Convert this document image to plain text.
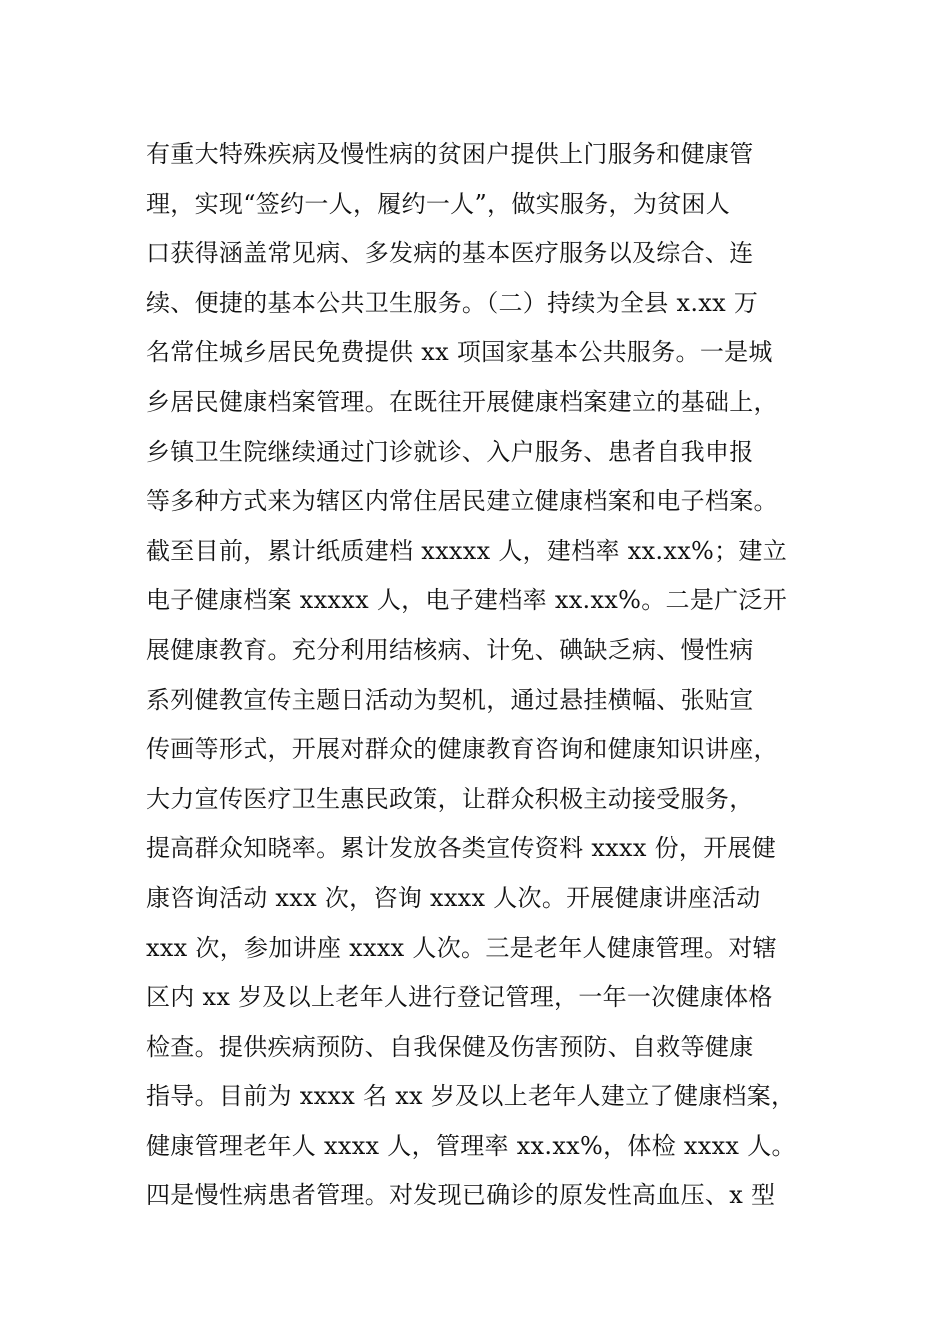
有重大特殊疾病及慢性病的贫困户提供上门服务和健康管
理，实现“签约一人，履约一人”，做实服务，为贫困人
口获得涵盖常见病、多发病的基本医疗服务以及综合、连
续、便捷的基本公共卫生服务。（二）持续为全县 x.xx 万
名常住城乡居民免费提供 xx 项国家基本公共服务。一是城
乡居民健康档案管理。在既往开展健康档案建立的基础上，
乡镇卫生院继续通过门诊就诊、入户服务、患者自我申报
等多种方式来为辖区内常住居民建立健康档案和电子档案。
截至目前，累计纸质建档 xxxxx 人，建档率 xx.xx%；建立
电子健康档案 xxxxx 人，电子建档率 xx.xx%。二是广泛开
展健康教育。充分利用结核病、计免、碘缺乏病、慢性病
系列健教宣传主题日活动为契机，通过悬挂横幅、张贴宣
传画等形式，开展对群众的健康教育咨询和健康知识讲座，
大力宣传医疗卫生惠民政策，让群众积极主动接受服务，
提高群众知晓率。累计发放各类宣传资料 xxxx 份，开展健
康咨询活动 xxx 次，咨询 xxxx 人次。开展健康讲座活动
xxx 次，参加讲座 xxxx 人次。三是老年人健康管理。对辖
区内 xx 岁及以上老年人进行登记管理，一年一次健康体格
检查。提供疾病预防、自我保健及伤害预防、自救等健康
指导。目前为 xxxx 名 xx 岁及以上老年人建立了健康档案，
健康管理老年人 xxxx 人，管理率 xx.xx%，体检 xxxx 人。
四是慢性病患者管理。对发现已确诊的原发性高血压、x 型
